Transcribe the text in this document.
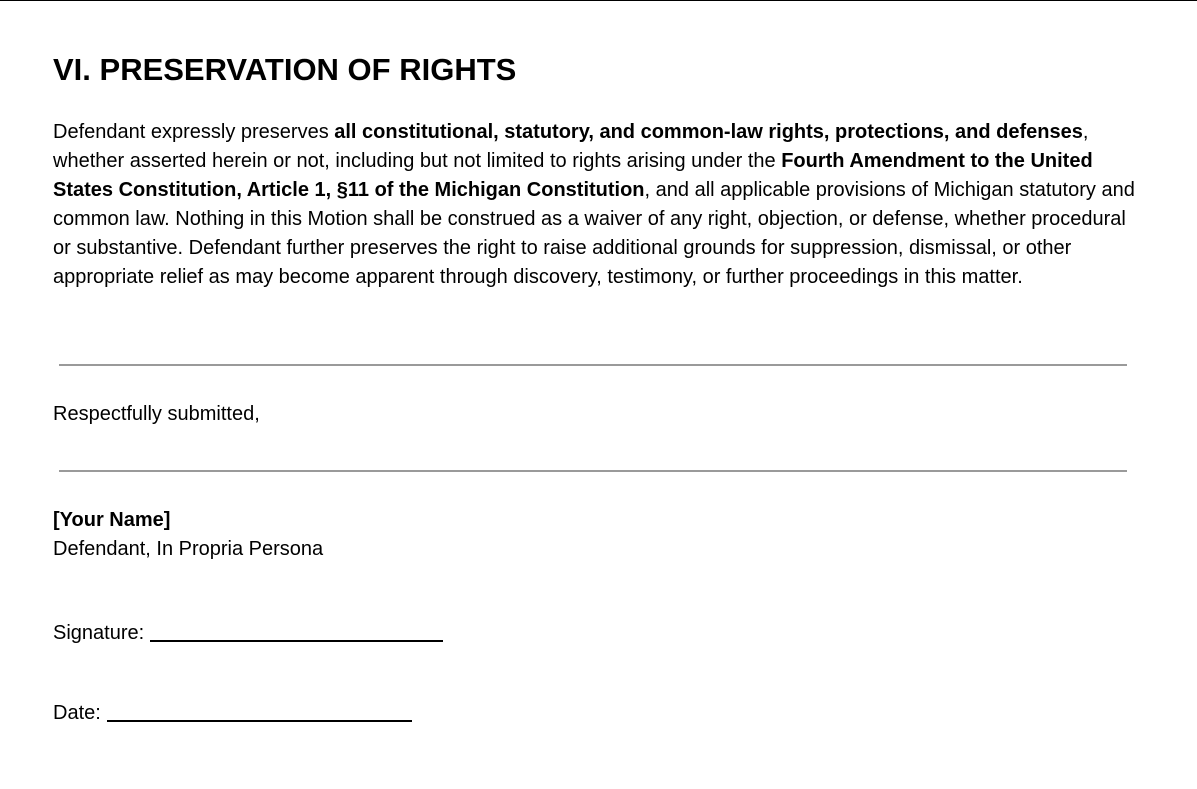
VI. PRESERVATION OF RIGHTS

Defendant expressly preserves all constitutional, statutory, and common-law rights, protections, and defenses, whether asserted herein or not, including but not limited to rights arising under the Fourth Amendment to the United States Constitution, Article 1, §11 of the Michigan Constitution, and all applicable provisions of Michigan statutory and common law. Nothing in this Motion shall be construed as a waiver of any right, objection, or defense, whether procedural or substantive. Defendant further preserves the right to raise additional grounds for suppression, dismissal, or other appropriate relief as may become apparent through discovery, testimony, or further proceedings in this matter.

Respectfully submitted,
[Your Name]
Defendant, In Propria Persona
Signature:
Date:
